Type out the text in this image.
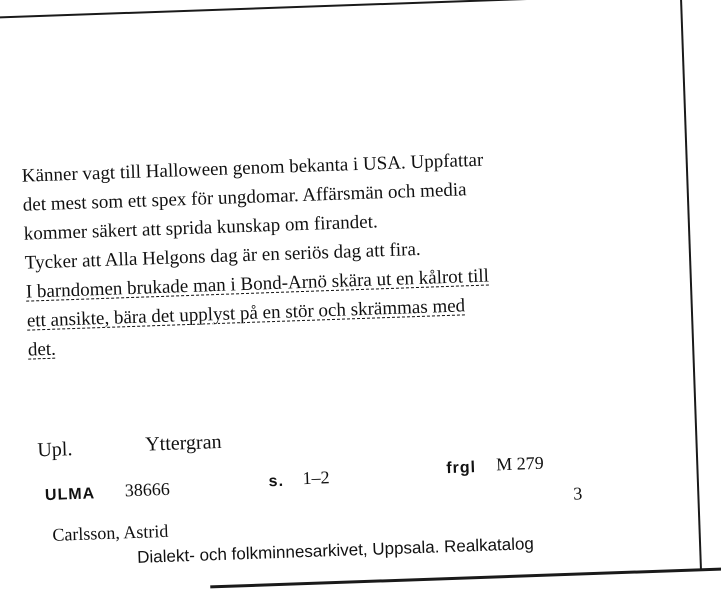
Känner vagt till Halloween genom bekanta i USA. Uppfattar
det mest som ett spex för ungdomar. Affärsmän och media
kommer säkert att sprida kunskap om firandet.
Tycker att Alla Helgons dag är en seriös dag att fira.
I barndomen brukade man i Bond-Arnö skära ut en kålrot till
ett ansikte, bära det upplyst på en stör och skrämmas med
det.
Upl.	Yttergran
ULMA 38666	s. 1–2	frgl M 279
3
Carlsson, Astrid
Dialekt- och folkminnesarkivet, Uppsala. Realkatalog
